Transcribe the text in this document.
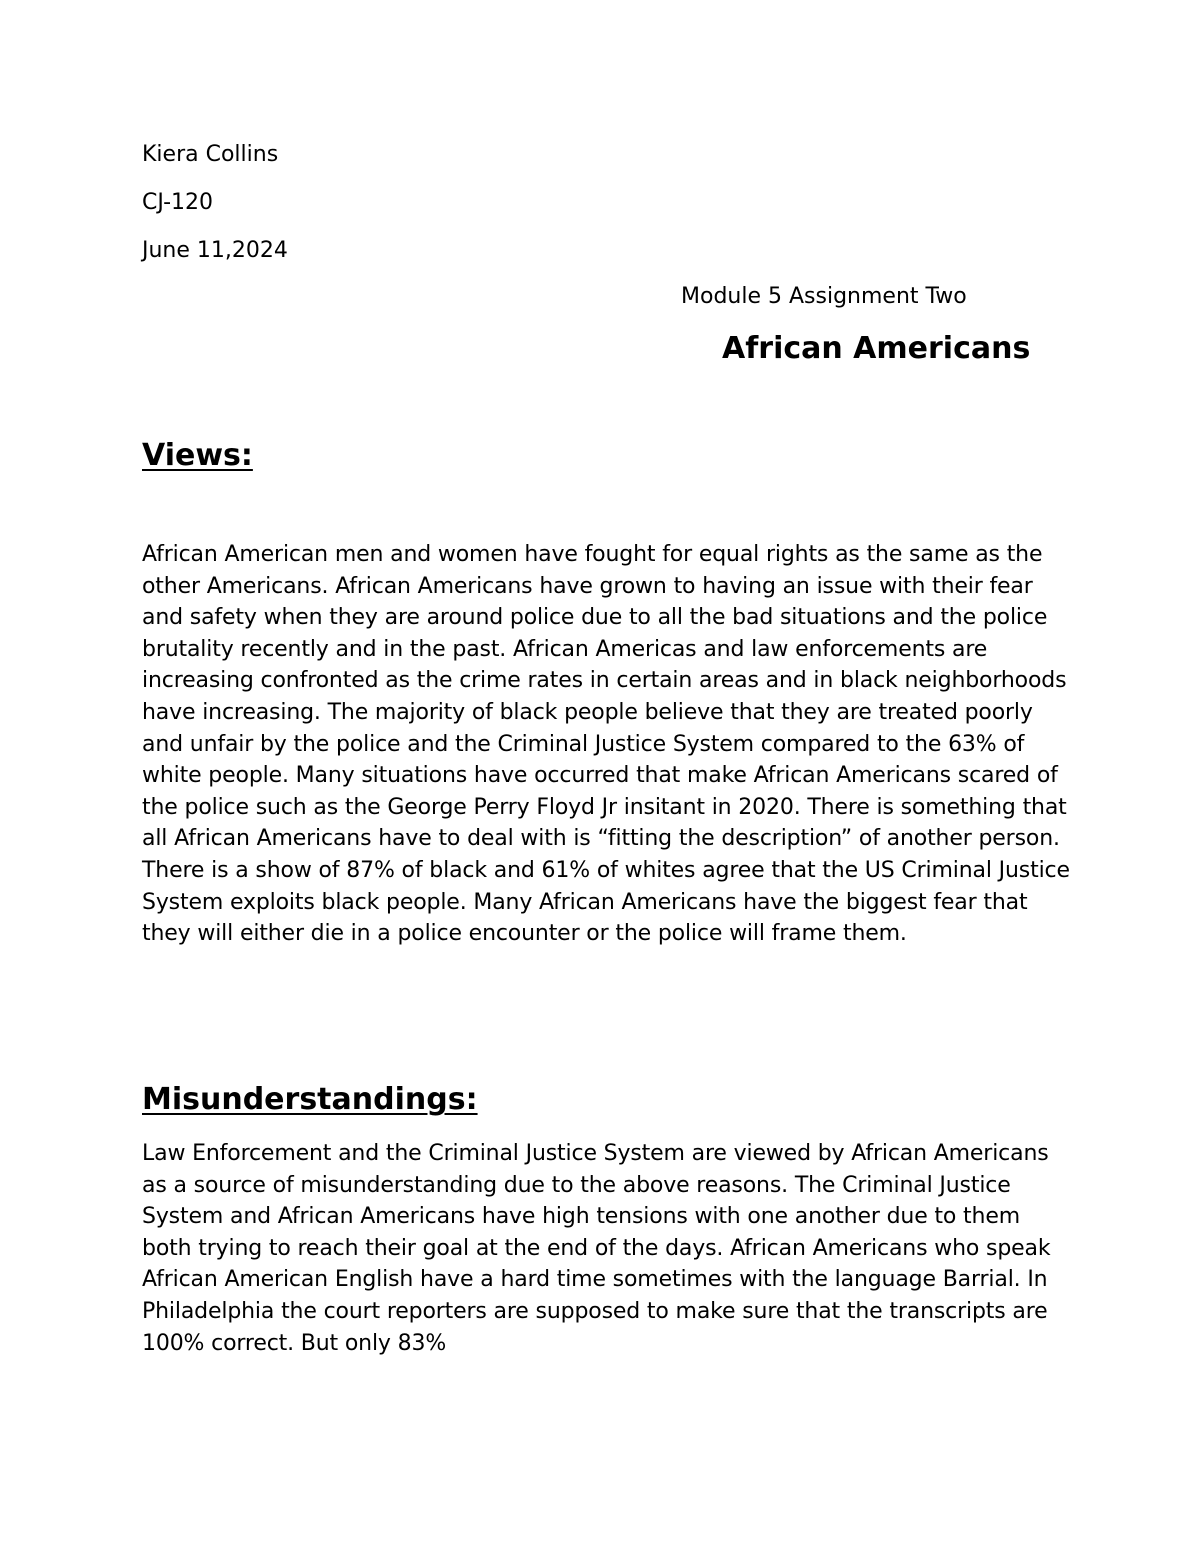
Kiera Collins
CJ-120
June 11,2024
Module 5 Assignment Two
African Americans
Views:
African American men and women have fought for equal rights as the same as the other Americans. African Americans have grown to having an issue with their fear and safety when they are around police due to all the bad situations and the police brutality recently and in the past. African Americas and law enforcements are increasing confronted as the crime rates in certain areas and in black neighborhoods have increasing. The majority of black people believe that they are treated poorly and unfair by the police and the Criminal Justice System compared to the 63% of white people. Many situations have occurred that make African Americans scared of the police such as the George Perry Floyd Jr insitant in 2020. There is something that all African Americans have to deal with is “fitting the description” of another person. There is a show of 87% of black and 61% of whites agree that the US Criminal Justice System exploits black people. Many African Americans have the biggest fear that they will either die in a police encounter or the police will frame them.
Misunderstandings:
Law Enforcement and the Criminal Justice System are viewed by African Americans as a source of misunderstanding due to the above reasons. The Criminal Justice System and African Americans have high tensions with one another due to them both trying to reach their goal at the end of the days. African Americans who speak African American English have a hard time sometimes with the language Barrial. In Philadelphia the court reporters are supposed to make sure that the transcripts are 100% correct. But only 83%
